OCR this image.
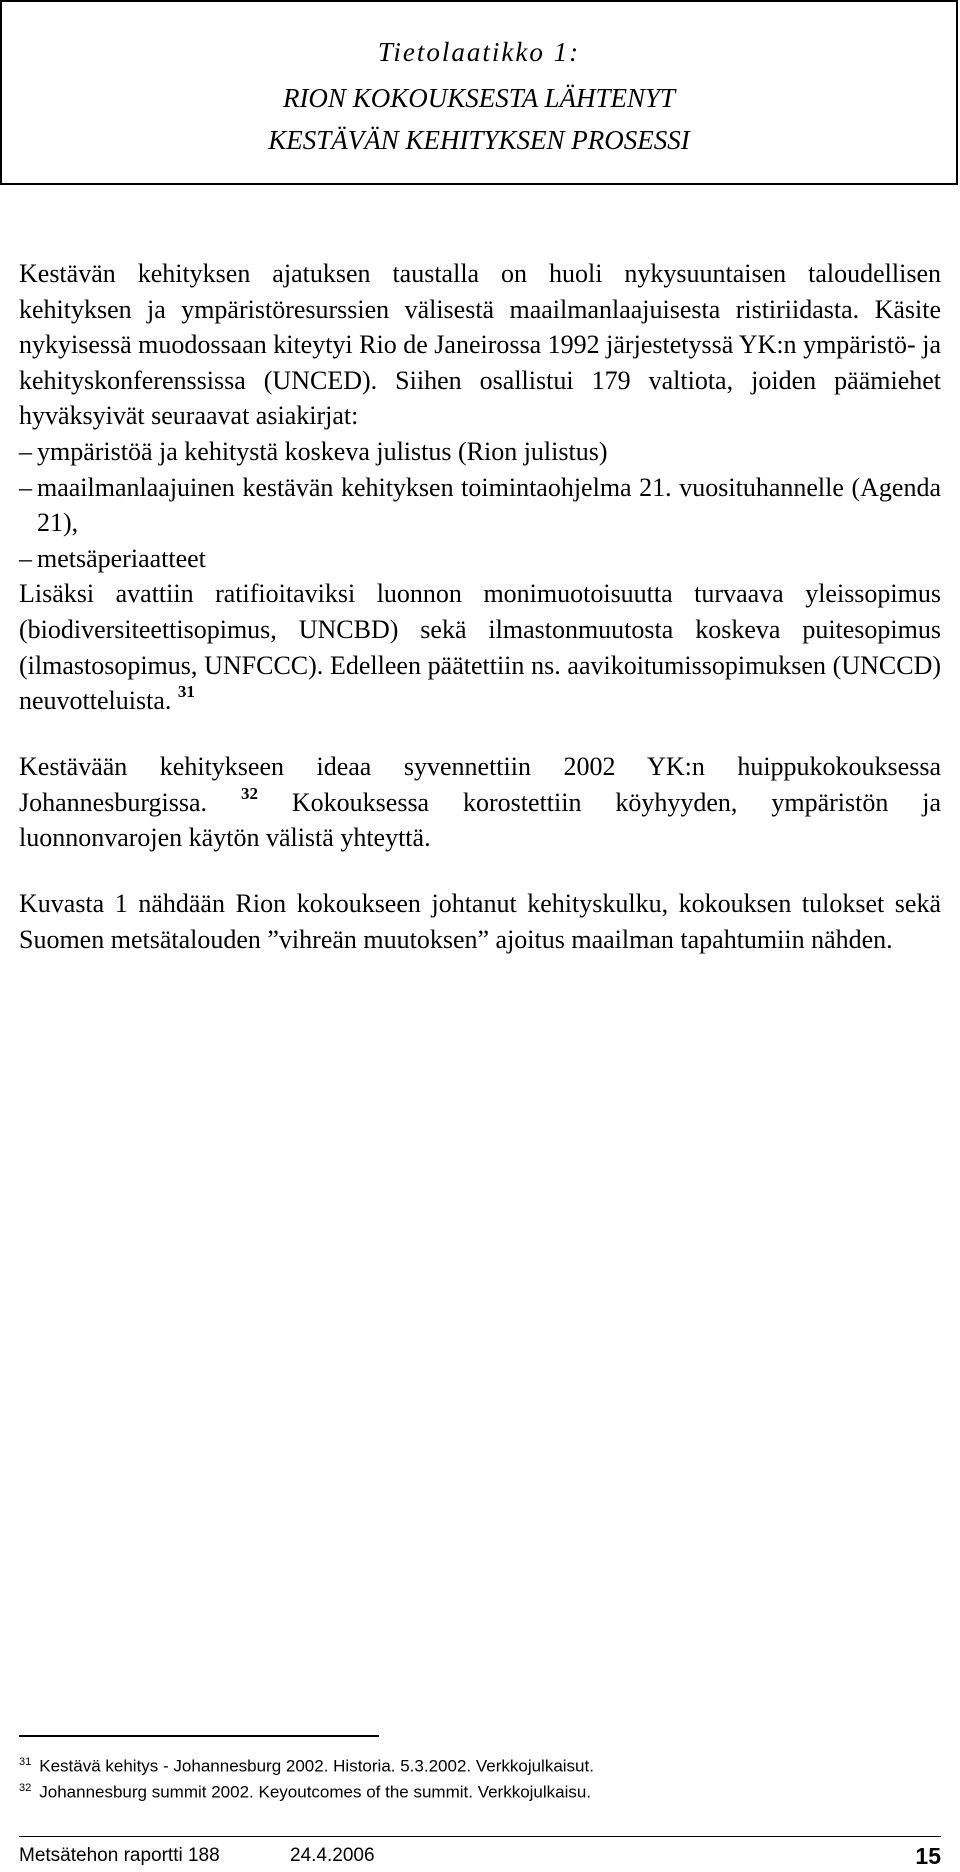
Tietolaatikko 1:
RION KOKOUKSESTA LÄHTENYT
KESTÄVÄN KEHITYKSEN PROSESSI
Kestävän kehityksen ajatuksen taustalla on huoli nykysuuntaisen taloudellisen kehityksen ja ympäristöresurssien välisestä maailmanlaajuisesta ristiriidasta. Käsite nykyisessä muodossaan kiteytyi Rio de Janeirossa 1992 järjestetyssä YK:n ympäristö- ja kehityskonferenssissa (UNCED). Siihen osallistui 179 valtiota, joiden päämiehet hyväksyivät seuraavat asiakirjat:
– ympäristöä ja kehitystä koskeva julistus (Rion julistus)
– maailmanlaajuinen kestävän kehityksen toimintaohjelma 21. vuosituhannelle (Agenda 21),
– metsäperiaatteet
Lisäksi avattiin ratifioitaviksi luonnon monimuotoisuutta turvaava yleissopimus (biodiversiteettisopimus, UNCBD) sekä ilmastonmuutosta koskeva puitesopimus (ilmastosopimus, UNFCCC). Edelleen päätettiin ns. aavikoitumissopimuksen (UNCCD) neuvotteluista. $^{31}$
Kestävään kehitykseen ideaa syvennettiin 2002 YK:n huippukokouksessa Johannesburgissa. $^{32}$ Kokouksessa korostettiin köyhyyden, ympäristön ja luonnonvarojen käytön välistä yhteyttä.
Kuvasta 1 nähdään Rion kokoukseen johtanut kehityskulku, kokouksen tulokset sekä Suomen metsätalouden ”vihreän muutoksen” ajoitus maailman tapahtumiin nähden.
$^{31}$ Kestävä kehitys - Johannesburg 2002. Historia. 5.3.2002. Verkkojulkaisut.
$^{32}$ Johannesburg summit 2002. Keyoutcomes of the summit. Verkkojulkaisu.
Metsätehon raportti 188	24.4.2006	15
